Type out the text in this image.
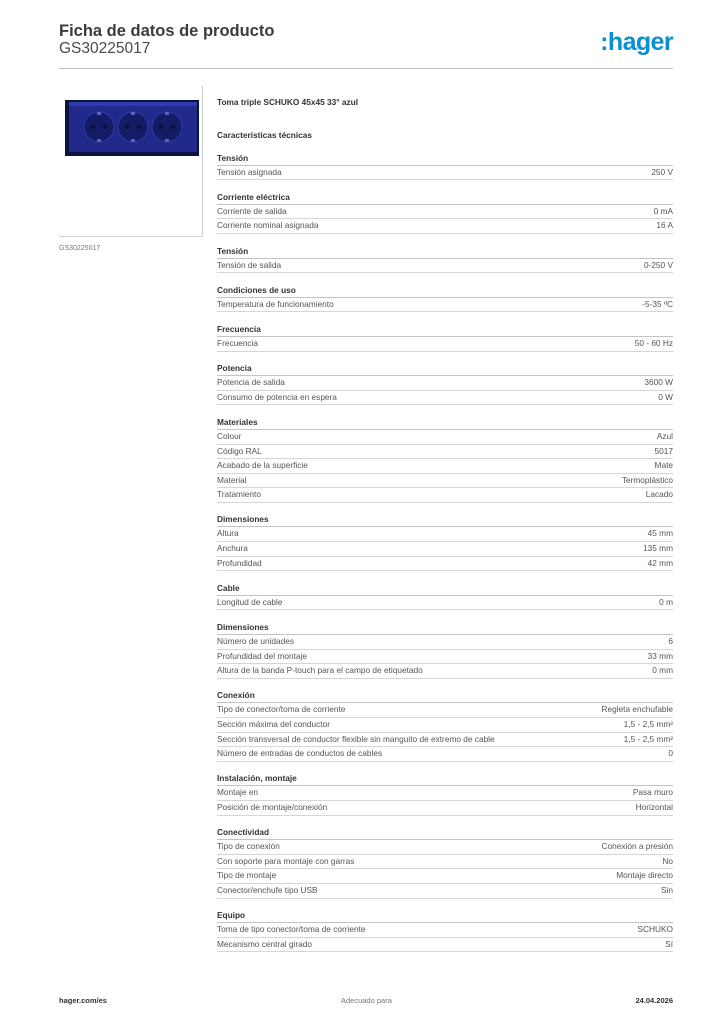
Ficha de datos de producto
GS30225017	:hager
GS30225017
Toma triple SCHUKO 45x45 33° azul
Características técnicas
Tensión
Tensión asignada	250 V
Corriente eléctrica
Corriente de salida	0 mA
Corriente nominal asignada	16 A
Tensión
Tensión de salida	0-250 V
Condiciones de uso
Temperatura de funcionamiento	-5-35 ºC
Frecuencia
Frecuencia	50 - 60 Hz
Potencia
Potencia de salida	3600 W
Consumo de potencia en espera	0 W
Materiales
Colour	Azul
Código RAL	5017
Acabado de la superficie	Mate
Material	Termoplástico
Tratamiento	Lacado
Dimensiones
Altura	45 mm
Anchura	135 mm
Profundidad	42 mm
Cable
Longitud de cable	0 m
Dimensiones
Número de unidades	6
Profundidad del montaje	33 mm
Altura de la banda P-touch para el campo de etiquetado	0 mm
Conexión
Tipo de conector/toma de corriente	Regleta enchufable
Sección máxima del conductor	1,5 - 2,5 mm²
Sección transversal de conductor flexible sin manguito de extremo de cable	1,5 - 2,5 mm²
Número de entradas de conductos de cables	0
Instalación, montaje
Montaje en	Pasa muro
Posición de montaje/conexión	Horizontal
Conectividad
Tipo de conexión	Conexión a presión
Con soporte para montaje con garras	No
Tipo de montaje	Montaje directo
Conector/enchufe tipo USB	Sin
Equipo
Toma de tipo conector/toma de corriente	SCHUKO
Mecanismo central girado	Sí
hager.com/es	Adecuado para	24.04.2026
